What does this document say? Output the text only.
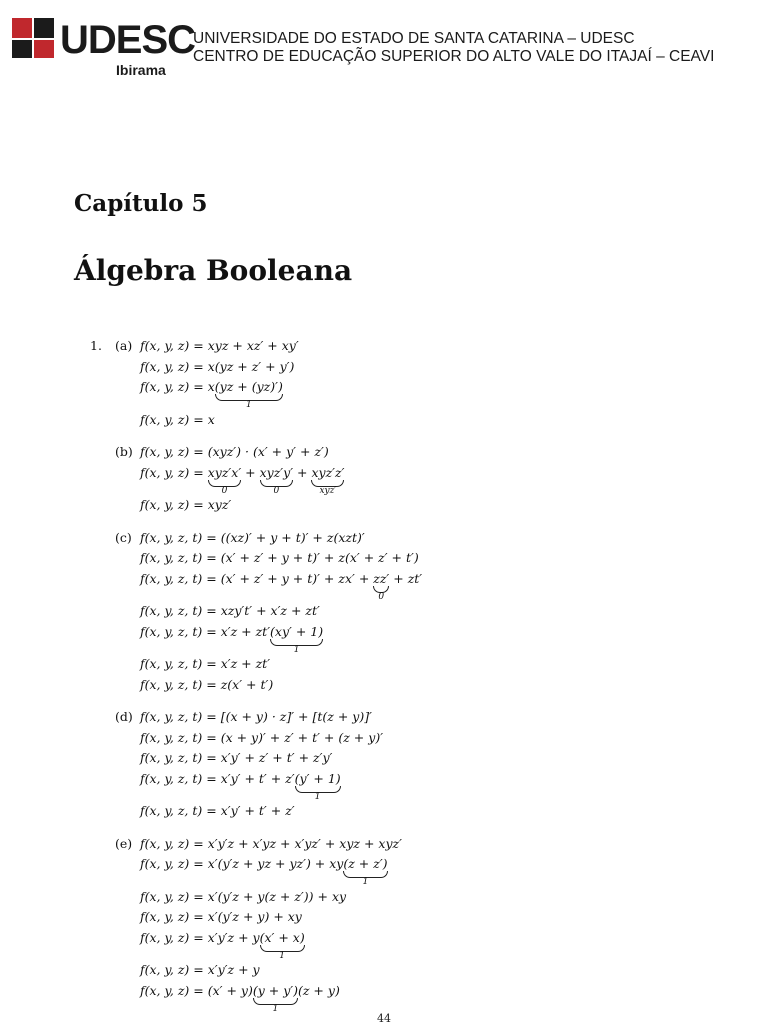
UDESC
Ibirama
UNIVERSIDADE DO ESTADO DE SANTA CATARINA – UDESC
CENTRO DE EDUCAÇÃO SUPERIOR DO ALTO VALE DO ITAJAÍ – CEAVI
Capítulo 5
Álgebra Booleana
1. (a) f(x, y, z) = xyz + xz′ + xy′
f(x, y, z) = x(yz + z′ + y′)
f(x, y, z) = x(yz + (yz)′)
1
f(x, y, z) = x
(b) f(x, y, z) = (xyz′) · (x′ + y′ + z′)
f(x, y, z) = xyz′x′
0
+ xyz′y′
0
+ xyz′z′
xyz′
f(x, y, z) = xyz′
(c) f(x, y, z, t) = ((xz)′ + y + t)′ + z(xzt)′
f(x, y, z, t) = (x′ + z′ + y + t)′ + z(x′ + z′ + t′)
f(x, y, z, t) = (x′ + z′ + y + t)′ + zx′ + zz′
0
+ zt′
f(x, y, z, t) = xzy′t′ + x′z + zt′
f(x, y, z, t) = x′z + zt′(xy′ + 1)
1
f(x, y, z, t) = x′z + zt′
f(x, y, z, t) = z(x′ + t′)
(d) f(x, y, z, t) = [(x + y) · z]′ + [t(z + y)]′
f(x, y, z, t) = (x + y)′ + z′ + t′ + (z + y)′
f(x, y, z, t) = x′y′ + z′ + t′ + z′y′
f(x, y, z, t) = x′y′ + t′ + z′(y′ + 1)
1
f(x, y, z, t) = x′y′ + t′ + z′
(e) f(x, y, z) = x′y′z + x′yz + x′yz′ + xyz + xyz′
f(x, y, z) = x′(y′z + yz + yz′) + xy(z + z′)
1
f(x, y, z) = x′(y′z + y(z + z′)) + xy
f(x, y, z) = x′(y′z + y) + xy
f(x, y, z) = x′y′z + y(x′ + x)
1
f(x, y, z) = x′y′z + y
f(x, y, z) = (x′ + y)(y + y′)
1
(z + y)
44
